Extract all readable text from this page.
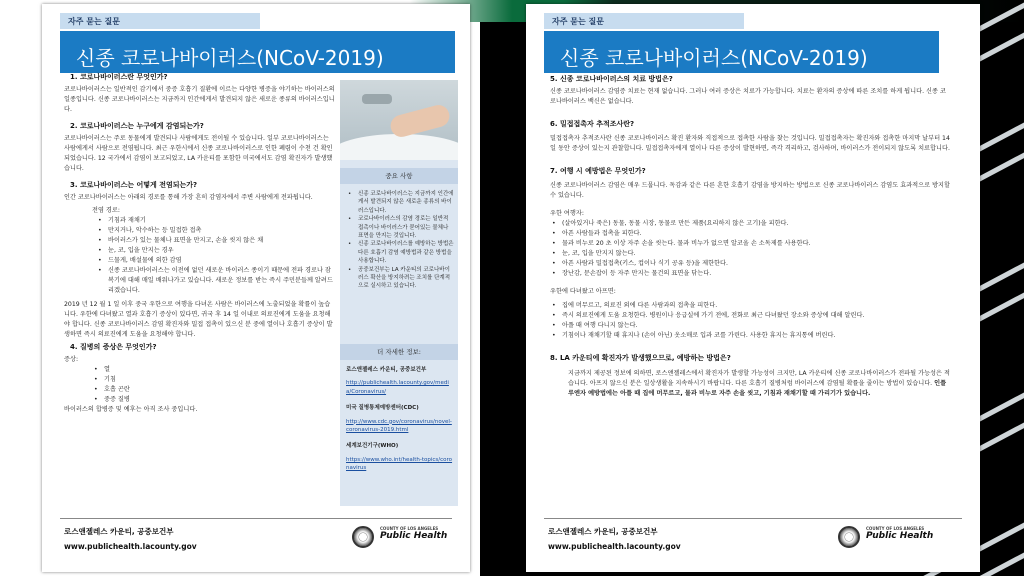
자주 묻는 질문
신종 코로나바이러스(NCoV-2019)
1. 코로나바이러스란 무엇인가?
코로나바이러스는 일반적인 감기에서 중증 호흡기 질환에 이르는 다양한 병증을 야기하는 바이러스의 일종입니다. 신종 코로나바이러스는 지금까지 인간에게서 발견되지 않은 새로운 종류의 바이러스입니다.
2. 코로나바이러스는 누구에게 감염되는가?
코로나바이러스는 주로 동물에게 발견되나 사람에게도 전이될 수 있습니다. 일부 코로나바이러스는 사람에게서 사람으로 전염됩니다. 최근 우한시에서 신종 코로나바이러스로 인한 폐렴이 수천 건 확인되었습니다. 12 국가에서 감염이 보고되었고, LA 카운티를 포함한 미국에서도 감염 확진자가 발생했습니다.
3. 코로나바이러스는 어떻게 전염되는가?
인간 코로나바이러스는 아래의 경로를 통해 가장 흔히 감염자에서 주변 사람에게 전파됩니다.
전염 경로:
• 기침과 재채기
• 만지거나, 악수하는 등 밀접한 접촉
• 바이러스가 있는 물체나 표면을 만지고, 손을 씻지 않은 채
• 눈, 코, 입을 만지는 경우
• 드물게, 배설물에 의한 감염
• 신종 코로나바이러스는 이전에 없던 새로운 바이러스 종이기 때문에 전파 경로나 잠복기에 대해 매일 배워나가고 있습니다. 새로운 정보를 받는 즉시 주민분들께 알려드리겠습니다.
2019 년 12 월 1 일 이후 중국 우한으로 여행을 다녀온 사람은 바이러스에 노출되었을 확률이 높습니다. 우한에 다녀왔고 열과 호흡기 증상이 있다면, 귀국 후 14 일 이내로 의료진에게 도움을 요청해야 합니다. 신종 코로나바이러스 감염 확진자와 밀접 접촉이 있으신 분 중에 열이나 호흡기 증상이 발생하면 즉시 의료진에게 도움을 요청해야 합니다.
4. 질병의 증상은 무엇인가?
증상:
• 열
• 기침
• 호흡 곤란
• 중증 질병
바이러스의 합병증 및 예후는 아직 조사 중입니다.
중요 사항
• 신종 코로나바이러스는 지금까지 인간에게서 발견되지 않은 새로운 종류의 바이러스입니다.
• 코로나바이러스의 감염 경로는 일반적 접촉이나 바이러스가 묻어있는 물체나 표면을 만지는 것입니다.
• 신종 코로나바이러스를 예방하는 방법은 다른 호흡기 감염 예방법과 같은 방법을 사용합니다.
• 공중보건부는 LA 카운티의 코로나바이러스 확산을 방지하려는 조치를 단계적으로 실시하고 있습니다.
더 자세한 정보:
로스앤젤레스 카운티, 공중보건부
http://publichealth.lacounty.gov/media/Coronavirus/
미국 질병통제예방센터(CDC)
http://www.cdc.gov/coronavirus/novel-coronavirus-2019.html
세계보건기구(WHO)
https://www.who.int/health-topics/coronavirus
로스앤젤레스 카운티, 공중보건부
www.publichealth.lacounty.gov
COUNTY OF LOS ANGELES
Public Health
자주 묻는 질문
신종 코로나바이러스(NCoV-2019)
5. 신종 코로나바이러스의 치료 방법은?
신종 코로나바이러스 감염증 치료는 현재 없습니다. 그러나 여러 증상은 치료가 가능합니다. 치료는 환자의 증상에 따른 조치를 하게 됩니다. 신종 코로나바이러스 백신은 없습니다.
6. 밀접접촉자 추적조사란?
밀접접촉자 추적조사란 신종 코로나바이러스 확진 환자와 직접적으로 접촉한 사람을 찾는 것입니다. 밀접접촉자는 확진자와 접촉한 마지막 날부터 14 일 동안 증상이 있는지 관찰합니다. 밀접접촉자에게 열이나 다른 증상이 발현하면, 즉각 격리하고, 검사하며, 바이러스가 전이되지 않도록 치료합니다.
7. 여행 시 예방법은 무엇인가?
신종 코로나바이러스 감염은 매우 드뭅니다. 독감과 같은 다른 흔한 호흡기 감염을 방지하는 방법으로 신종 코로나바이러스 감염도 효과적으로 방지할 수 있습니다.
우한 여행자:
• (살아있거나 죽은) 동물, 동물 시장, 동물로 만든 제품(요리하지 않은 고기)을 피한다.
• 아픈 사람들과 접촉을 피한다.
• 물과 비누로 20 초 이상 자주 손을 씻는다. 물과 비누가 없으면 알코올 손 소독제를 사용한다.
• 눈, 코, 입을 만지지 않는다.
• 아픈 사람과 밀접접촉(키스, 컵이나 식기 공유 등)을 제한한다.
• 장난감, 문손잡이 등 자주 만지는 물건의 표면을 닦는다.
우한에 다녀왔고 아프면:
• 집에 머무르고, 의료진 외에 다른 사람과의 접촉을 피한다.
• 즉시 의료진에게 도움 요청한다. 병원이나 응급실에 가기 전에, 전화로 최근 다녀왔던 장소와 증상에 대해 알린다.
• 아플 때 여행 다니지 않는다.
• 기침이나 재채기할 때 휴지나 (손이 아닌) 옷소매로 입과 코를 가린다. 사용한 휴지는 휴지통에 버린다.
8. LA 카운티에 확진자가 발생했으므로, 예방하는 방법은?
지금까지 제공된 정보에 의하면, 로스앤젤레스에서 확진자가 발생할 가능성이 크지만, LA 카운티에 신종 코로나바이러스가 전파될 가능성은 적습니다. 아프지 않으신 분은 일상생활을 지속하시기 바랍니다. 다른 호흡기 질병처럼 바이러스에 감염될 확률을 줄이는 방법이 있습니다. 인플루엔자 예방법에는 아플 때 집에 머무르고, 물과 비누로 자주 손을 씻고, 기침과 재채기할 때 가리기가 있습니다.
로스앤젤레스 카운티, 공중보건부
www.publichealth.lacounty.gov
COUNTY OF LOS ANGELES
Public Health
